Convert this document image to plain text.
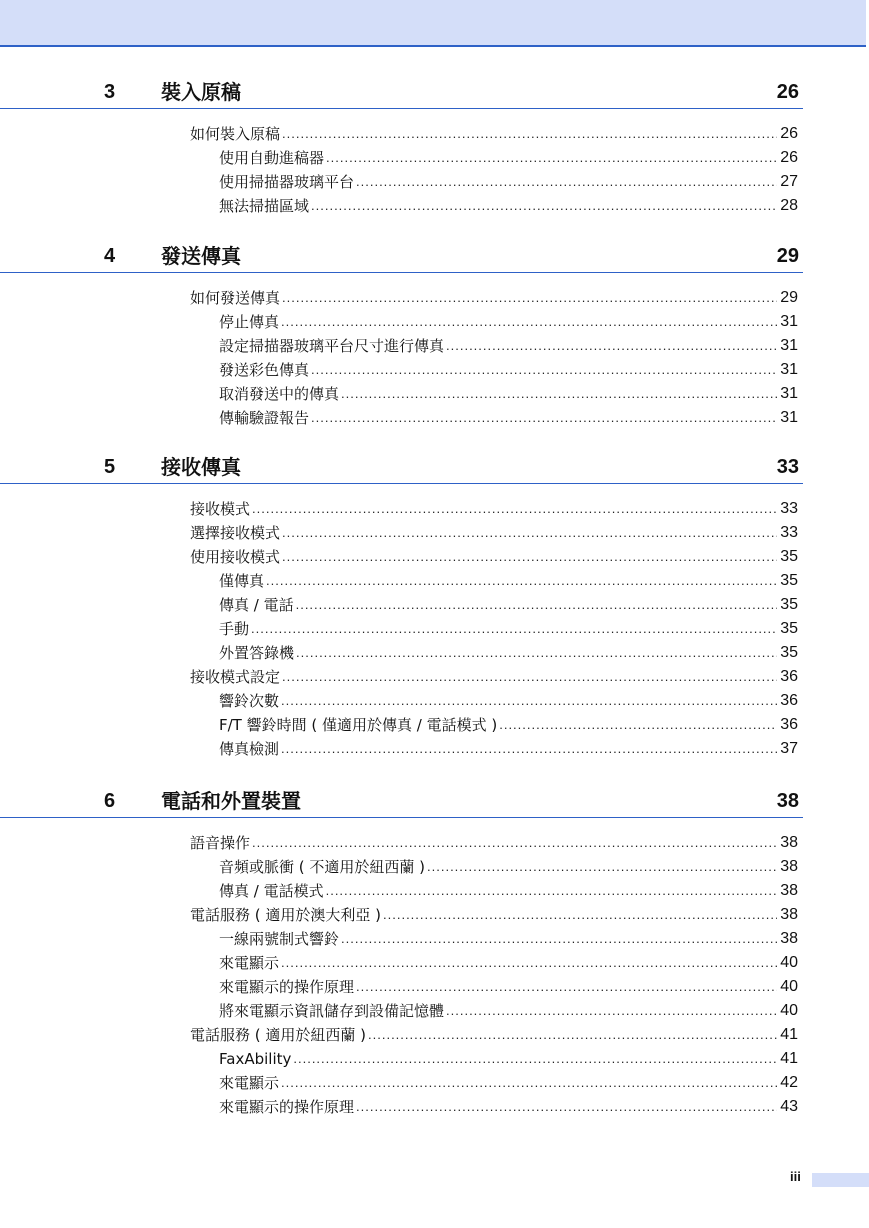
3 裝入原稿	26
如何裝入原稿 .....	26
使用自動進稿器 .....	26
使用掃描器玻璃平台 .....	27
無法掃描區域 .....	28
4 發送傳真	29
如何發送傳真 .....	29
停止傳真 .....	31
設定掃描器玻璃平台尺寸進行傳真 .....	31
發送彩色傳真 .....	31
取消發送中的傳真 .....	31
傳輸驗證報告 .....	31
5 接收傳真	33
接收模式 .....	33
選擇接收模式 .....	33
使用接收模式 .....	35
僅傳真 .....	35
傳真 / 電話 .....	35
手動 .....	35
外置答錄機 .....	35
接收模式設定 .....	36
響鈴次數 .....	36
F/T 響鈴時間 ( 僅適用於傳真 / 電話模式 ) .....	36
傳真檢測 .....	37
6 電話和外置裝置	38
語音操作 .....	38
音頻或脈衝 ( 不適用於紐西蘭 ) .....	38
傳真 / 電話模式 .....	38
電話服務 ( 適用於澳大利亞 ) .....	38
一線兩號制式響鈴 .....	38
來電顯示 .....	40
來電顯示的操作原理 .....	40
將來電顯示資訊儲存到設備記憶體 .....	40
電話服務 ( 適用於紐西蘭 ) .....	41
FaxAbility .....	41
來電顯示 .....	42
來電顯示的操作原理 .....	43
iii
